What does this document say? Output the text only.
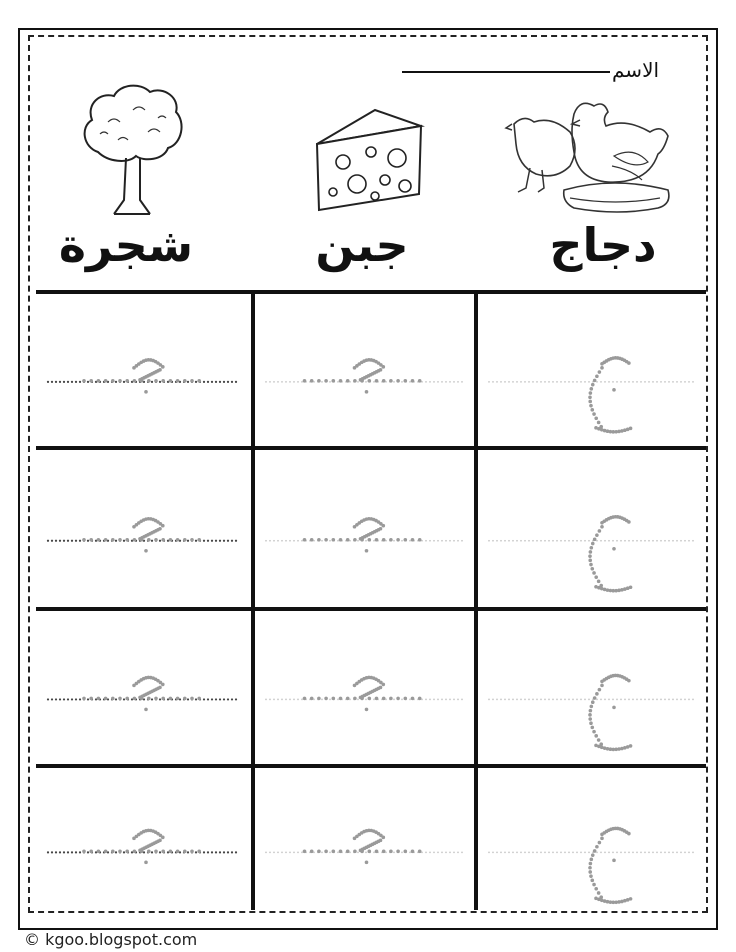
الاسم
دجاج
جبن
شجرة
© kgoo.blogspot.com
